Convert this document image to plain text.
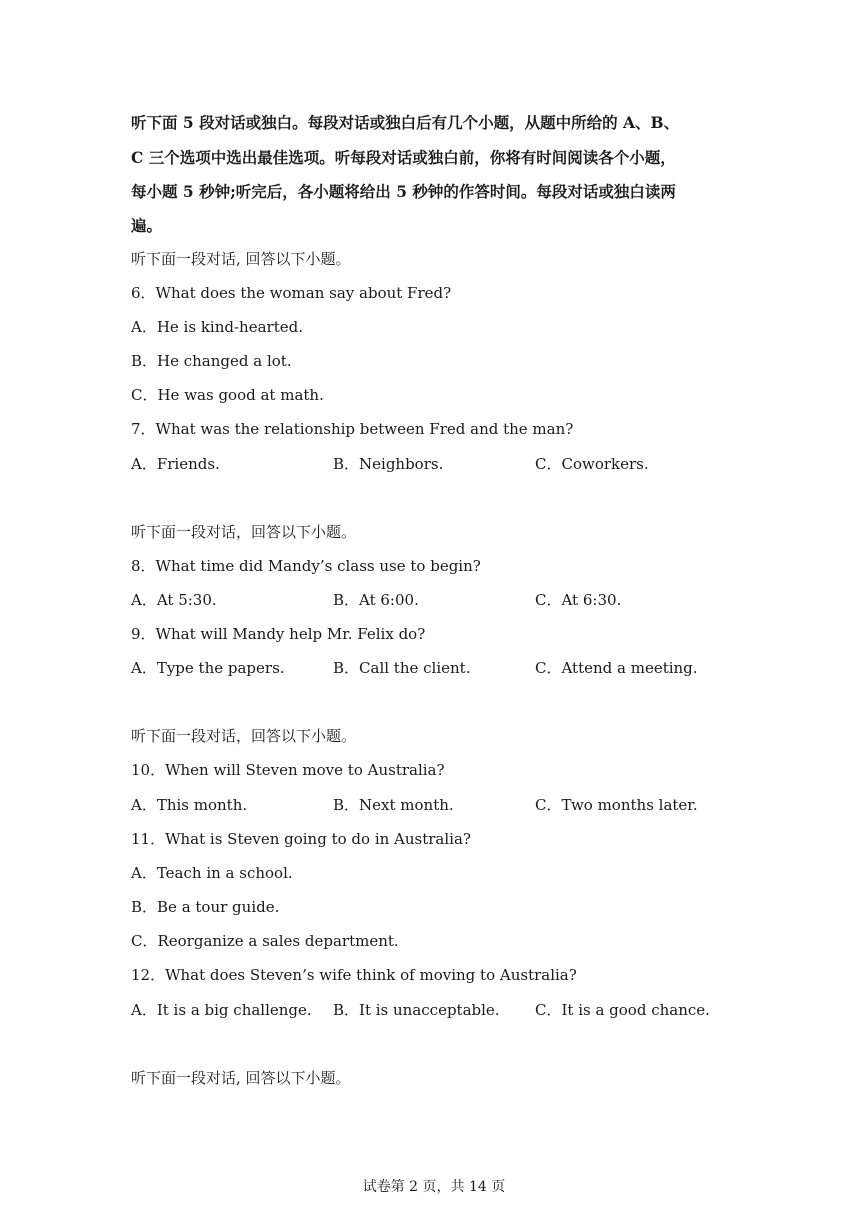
听下面 5 段对话或独白。每段对话或独白后有几个小题，从题中所给的 A、B、
C 三个选项中选出最佳选项。听每段对话或独白前，你将有时间阅读各个小题，
每小题 5 秒钟;听完后，各小题将给出 5 秒钟的作答时间。每段对话或独白读两
遍。
听下面一段对话, 回答以下小题。
6．What does the woman say about Fred?
A．He is kind-hearted.
B．He changed a lot.
C．He was good at math.
7．What was the relationship between Fred and the man?
A．Friends.	B．Neighbors.	C．Coworkers.
听下面一段对话，回答以下小题。
8．What time did Mandy’s class use to begin?
A．At 5:30.	B．At 6:00.	C．At 6:30.
9．What will Mandy help Mr. Felix do?
A．Type the papers.	B．Call the client.	C．Attend a meeting.
听下面一段对话，回答以下小题。
10．When will Steven move to Australia?
A．This month.	B．Next month.	C．Two months later.
11．What is Steven going to do in Australia?
A．Teach in a school.
B．Be a tour guide.
C．Reorganize a sales department.
12．What does Steven’s wife think of moving to Australia?
A．It is a big challenge. B．It is unacceptable. C．It is a good chance.
听下面一段对话, 回答以下小题。
试卷第 2 页，共 14 页
